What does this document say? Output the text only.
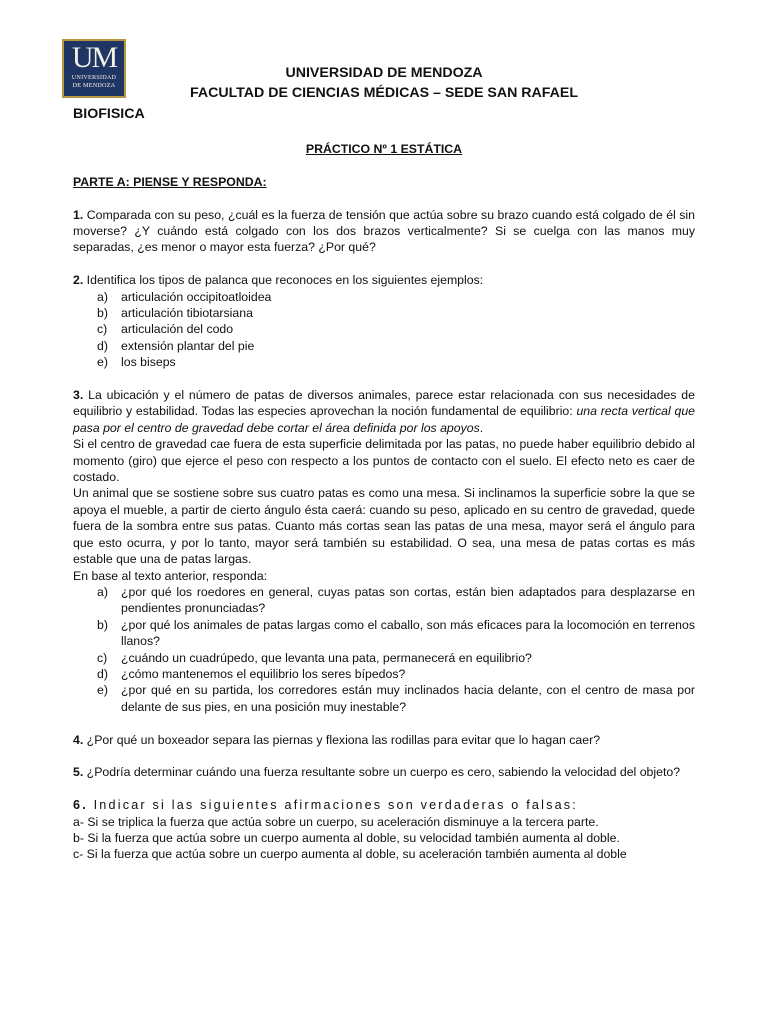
UM
UNIVERSIDAD
DE MENDOZA
UNIVERSIDAD DE MENDOZA
FACULTAD DE CIENCIAS MÉDICAS – SEDE SAN RAFAEL
BIOFISICA
PRÁCTICO Nº 1 ESTÁTICA
PARTE A: PIENSE Y RESPONDA:

1. Comparada con su peso, ¿cuál es la fuerza de tensión que actúa sobre su brazo cuando está colgado de él sin moverse? ¿Y cuándo está colgado con los dos brazos verticalmente? Si se cuelga con las manos muy separadas, ¿es menor o mayor esta fuerza? ¿Por qué?

2. Identifica los tipos de palanca que reconoces en los siguientes ejemplos:

a)	articulación occipitoatloidea
b)	articulación tibiotarsiana
c)	articulación del codo
d)	extensión plantar del pie
e)	los biseps

3. La ubicación y el número de patas de diversos animales, parece estar relacionada con sus necesidades de equilibrio y estabilidad. Todas las especies aprovechan la noción fundamental de equilibrio: una recta vertical que pasa por el centro de gravedad debe cortar el área definida por los apoyos.

Si el centro de gravedad cae fuera de esta superficie delimitada por las patas, no puede haber equilibrio debido al momento (giro) que ejerce el peso con respecto a los puntos de contacto con el suelo. El efecto neto es caer de costado.

Un animal que se sostiene sobre sus cuatro patas es como una mesa. Si inclinamos la superficie sobre la que se apoya el mueble, a partir de cierto ángulo ésta caerá: cuando su peso, aplicado en su centro de gravedad, quede fuera de la sombra entre sus patas. Cuanto más cortas sean las patas de una mesa, mayor será el ángulo para que esto ocurra, y por lo tanto, mayor será también su estabilidad. O sea, una mesa de patas cortas es más estable que una de patas largas.

En base al texto anterior, responda:

a)	¿por qué los roedores en general, cuyas patas son cortas, están bien adaptados para desplazarse en pendientes pronunciadas?
b)	¿por qué los animales de patas largas como el caballo, son más eficaces para la locomoción en terrenos llanos?
c)	¿cuándo un cuadrúpedo, que levanta una pata, permanecerá en equilibrio?
d)	¿cómo mantenemos el equilibrio los seres bípedos?
e)	¿por qué en su partida, los corredores están muy inclinados hacia delante, con el centro de masa por delante de sus pies, en una posición muy inestable?

4. ¿Por qué un boxeador separa las piernas y flexiona las rodillas para evitar que lo hagan caer?

5. ¿Podría determinar cuándo una fuerza resultante sobre un cuerpo es cero, sabiendo la velocidad del objeto?

6. Indicar si las siguientes afirmaciones son verdaderas o falsas:

a- Si se triplica la fuerza que actúa sobre un cuerpo, su aceleración disminuye a la tercera parte.

b- Si la fuerza que actúa sobre un cuerpo aumenta al doble, su velocidad también aumenta al doble.

c- Si la fuerza que actúa sobre un cuerpo aumenta al doble, su aceleración también aumenta al doble
